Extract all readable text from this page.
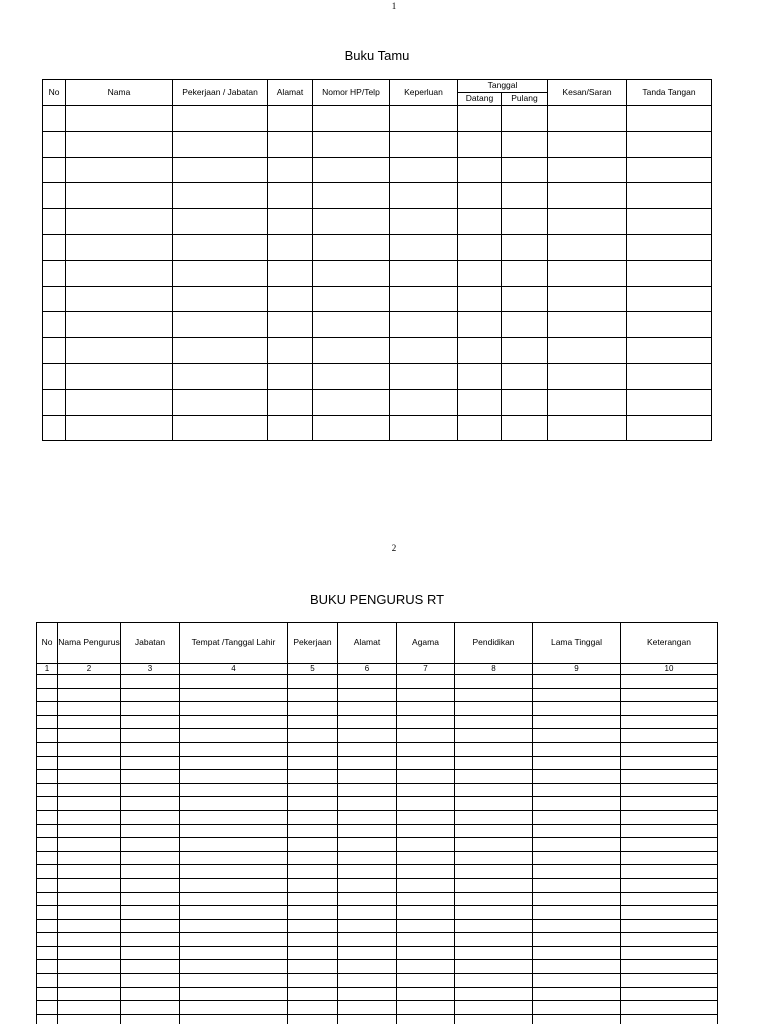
1
Buku Tamu
No	Nama	Pekerjaan / Jabatan	Alamat	Nomor HP/Telp	Keperluan	Tanggal		Kesan/Saran	Tanda Tangan
						Datang	Pulang		

2
BUKU PENGURUS RT
No	Nama Pengurus	Jabatan	Tempat /Tanggal Lahir	Pekerjaan	Alamat	Agama	Pendidikan	Lama Tinggal	Keterangan
1	2	3	4	5	6	7	8	9	10
